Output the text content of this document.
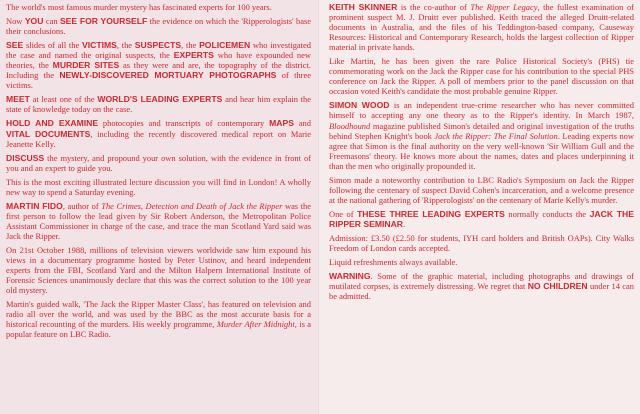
The world's most famous murder mystery has fascinated experts for 100 years.

Now YOU can SEE FOR YOURSELF the evidence on which the 'Ripperologists' base their conclusions.

SEE slides of all the VICTIMS, the SUSPECTS, the POLICEMEN who investigated the case and named the original suspects, the EXPERTS who have expounded new theories, the MURDER SITES as they were and are, the topography of the district. Including the NEWLY-DISCOVERED MORTUARY PHOTOGRAPHS of three victims.

MEET at least one of the WORLD'S LEADING EXPERTS and hear him explain the state of knowledge today on the case.

HOLD AND EXAMINE photocopies and transcripts of contemporary MAPS and VITAL DOCUMENTS, including the recently discovered medical report on Marie Jeanette Kelly.

DISCUSS the mystery, and propound your own solution, with the evidence in front of you and an expert to guide you.

This is the most exciting illustrated lecture discussion you will find in London! A wholly new way to spend a Saturday evening.

MARTIN FIDO, author of The Crimes, Detection and Death of Jack the Ripper was the first person to follow the lead given by Sir Robert Anderson, the Metropolitan Police Assistant Commissioner in charge of the case, and trace the man Scotland Yard said was Jack the Ripper.

On 21st October 1988, millions of television viewers worldwide saw him expound his views in a documentary programme hosted by Peter Ustinov, and heard independent experts from the FBI, Scotland Yard and the Milton Halpern International Institute of Forensic Sciences unanimously declare that this was the correct solution to the 100 year old mystery.

Martin's guided walk, 'The Jack the Ripper Master Class', has featured on television and radio all over the world, and was used by the BBC as the most accurate basis for a historical recounting of the murders. His weekly programme, Murder After Midnight, is a popular feature on LBC Radio.

KEITH SKINNER is the co-author of The Ripper Legacy, the fullest examination of prominent suspect M. J. Druitt ever published. Keith traced the alleged Druitt-related documents in Australia, and the files of his Teddington-based company, Causeway Resources: Historical and Contemporary Research, holds the largest collection of Ripper material in private hands.

Like Martin, he has been given the rare Police Historical Society's (PHS) tie commemorating work on the Jack the Ripper case for his contribution to the special PHS conference on Jack the Ripper. A poll of members prior to the panel discussion on that occasion voted Keith's candidate the most probable genuine Ripper.

SIMON WOOD is an independent true-crime researcher who has never committed himself to accepting any one theory as to the Ripper's identity. In March 1987, Bloodhound magazine published Simon's detailed and original investigation of the truths behind Stephen Knight's book Jack the Ripper: The Final Solution. Leading experts now agree that Simon is the final authority on the very well-known 'Sir William Gull and the Freemasons' theory. He knows more about the names, dates and places underpinning it than the men who originally propounded it.

Simon made a noteworthy contribution to LBC Radio's Symposium on Jack the Ripper following the centenary of suspect David Cohen's incarceration, and a welcome presence at the national gathering of 'Ripperologists' on the centenary of Marie Kelly's murder.

One of THESE THREE LEADING EXPERTS normally conducts the JACK THE RIPPER SEMINAR.

Admission: £3.50 (£2.50 for students, IYH card holders and British OAPs). City Walks Freedom of London cards accepted.

Liquid refreshments always available.

WARNING. Some of the graphic material, including photographs and drawings of mutilated corpses, is extremely distressing. We regret that NO CHILDREN under 14 can be admitted.
